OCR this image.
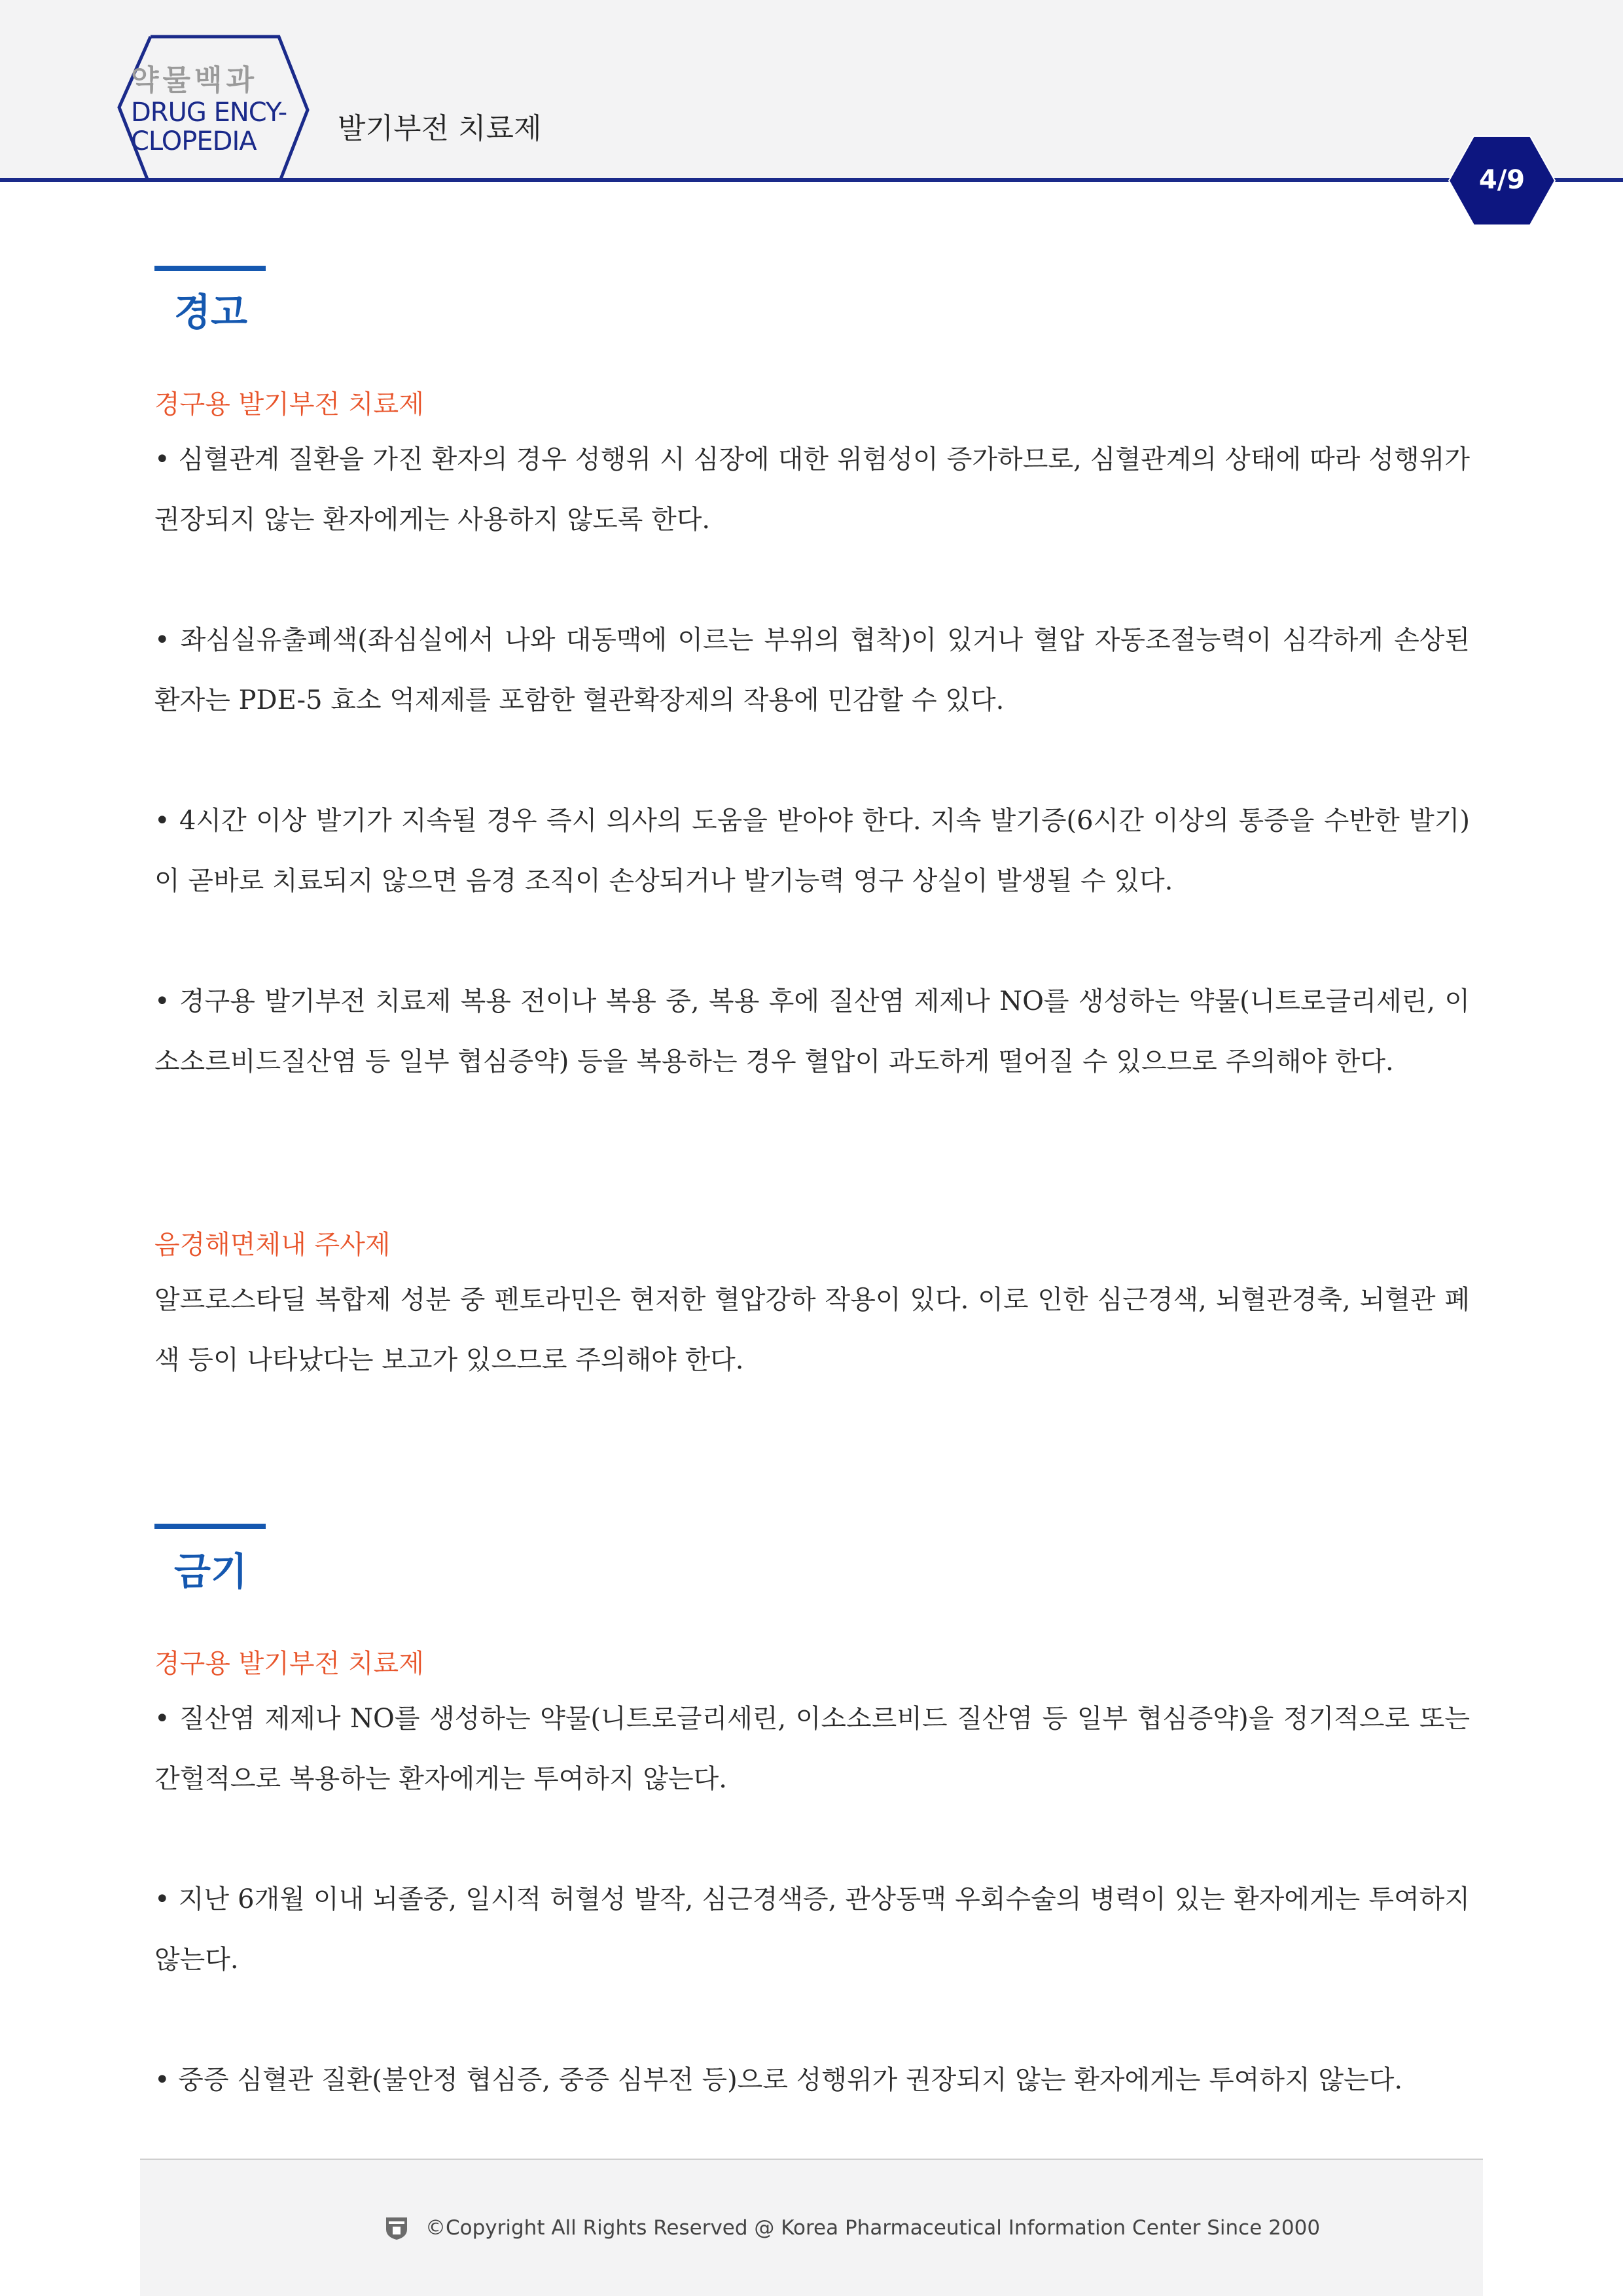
약물백과
DRUG ENCY-
CLOPEDIA	발기부전 치료제
4/9
경고
경구용 발기부전 치료제

• 심혈관계 질환을 가진 환자의 경우 성행위 시 심장에 대한 위험성이 증가하므로, 심혈관계의 상태에 따라 성행위가 권장되지 않는 환자에게는 사용하지 않도록 한다.

• 좌심실유출폐색(좌심실에서 나와 대동맥에 이르는 부위의 협착)이 있거나 혈압 자동조절능력이 심각하게 손상된 환자는 PDE-5 효소 억제제를 포함한 혈관확장제의 작용에 민감할 수 있다.

• 4시간 이상 발기가 지속될 경우 즉시 의사의 도움을 받아야 한다. 지속 발기증(6시간 이상의 통증을 수반한 발기)이 곧바로 치료되지 않으면 음경 조직이 손상되거나 발기능력 영구 상실이 발생될 수 있다.

• 경구용 발기부전 치료제 복용 전이나 복용 중, 복용 후에 질산염 제제나 NO를 생성하는 약물(니트로글리세린, 이소소르비드질산염 등 일부 협심증약) 등을 복용하는 경우 혈압이 과도하게 떨어질 수 있으므로 주의해야 한다.

음경해면체내 주사제

알프로스타딜 복합제 성분 중 펜토라민은 현저한 혈압강하 작용이 있다. 이로 인한 심근경색, 뇌혈관경축, 뇌혈관 폐색 등이 나타났다는 보고가 있으므로 주의해야 한다.

금기
경구용 발기부전 치료제

• 질산염 제제나 NO를 생성하는 약물(니트로글리세린, 이소소르비드 질산염 등 일부 협심증약)을 정기적으로 또는 간헐적으로 복용하는 환자에게는 투여하지 않는다.

• 지난 6개월 이내 뇌졸중, 일시적 허혈성 발작, 심근경색증, 관상동맥 우회수술의 병력이 있는 환자에게는 투여하지 않는다.

• 중증 심혈관 질환(불안정 협심증, 중증 심부전 등)으로 성행위가 권장되지 않는 환자에게는 투여하지 않는다.

©Copyright All Rights Reserved @ Korea Pharmaceutical Information Center Since 2000
